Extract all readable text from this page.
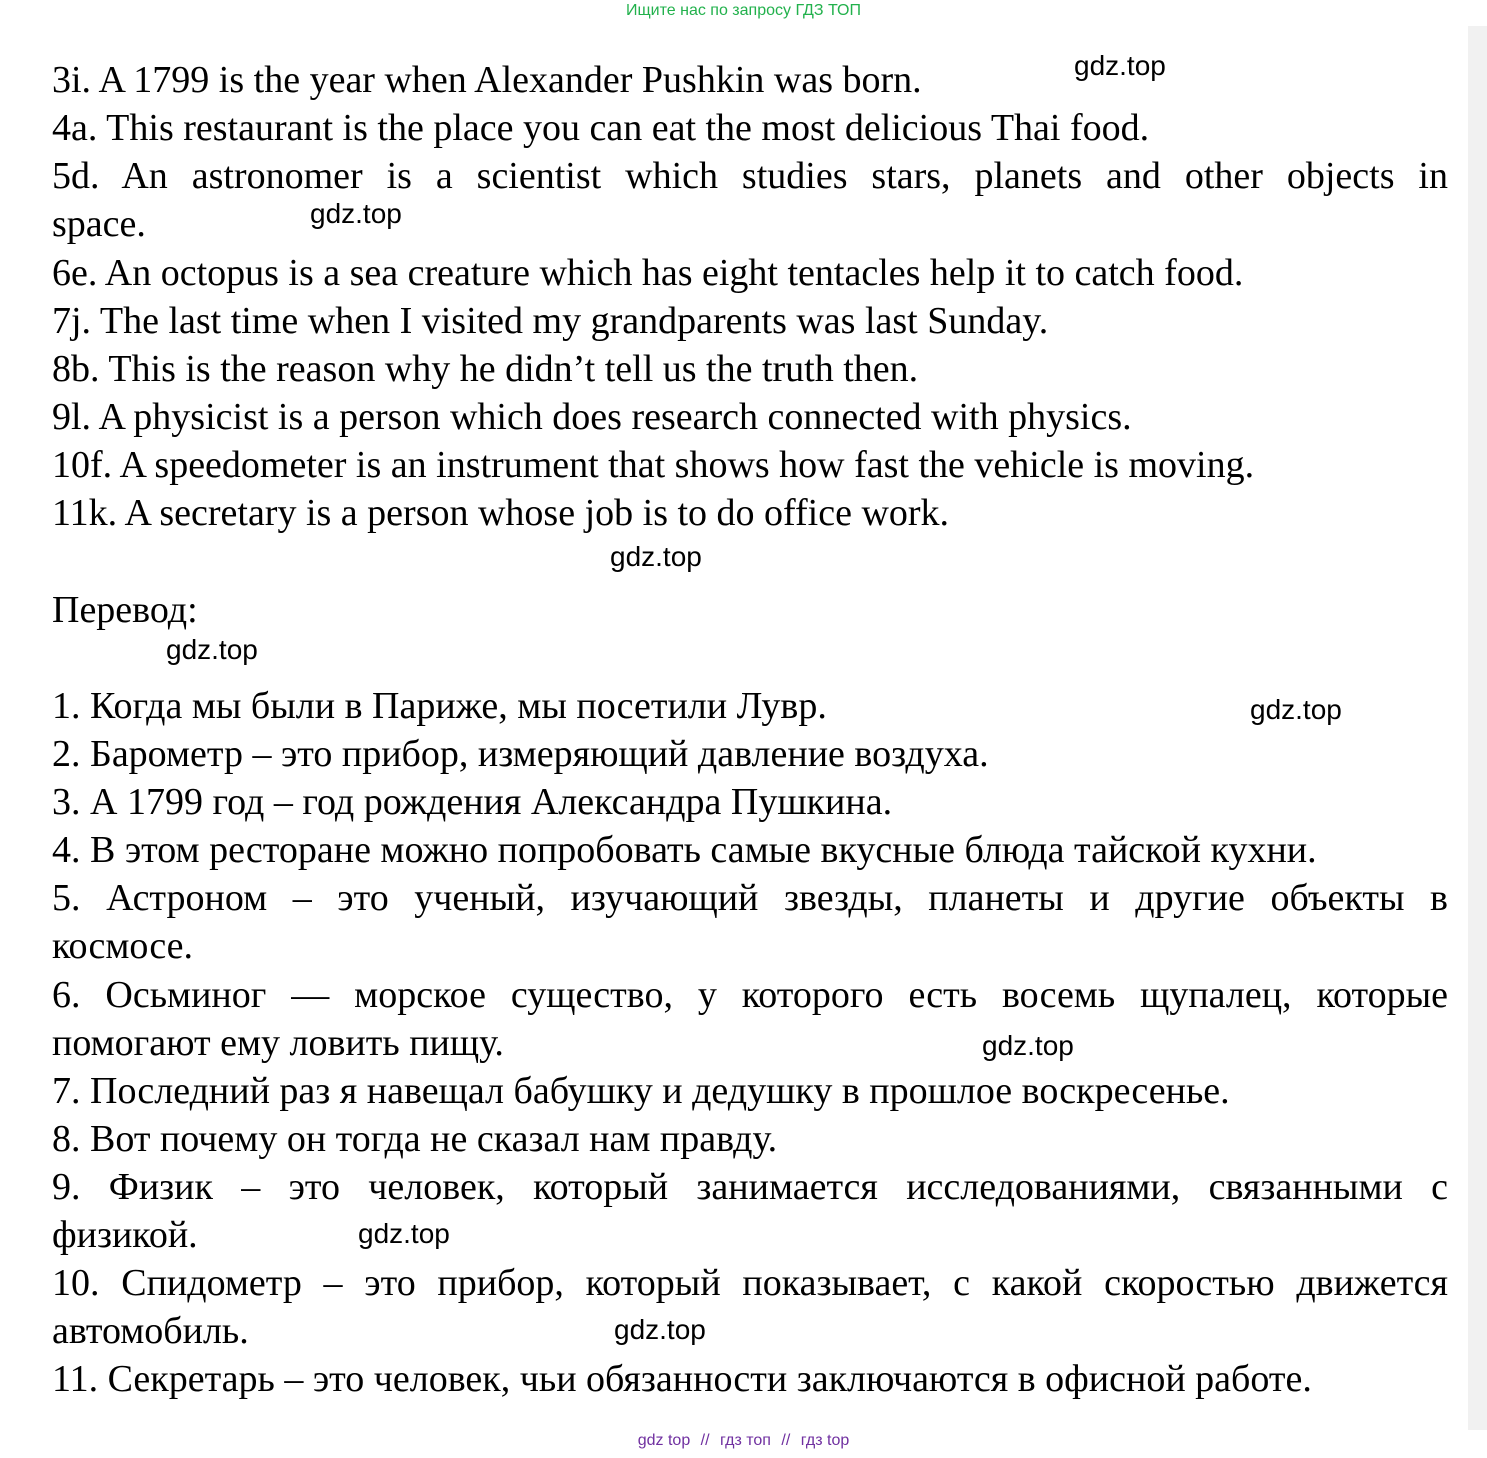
Ищите нас по запросу ГДЗ ТОП
3i. A 1799 is the year when Alexander Pushkin was born.
4a. This restaurant is the place you can eat the most delicious Thai food.
5d. An astronomer is a scientist which studies stars, planets and other objects in
space.
6e. An octopus is a sea creature which has eight tentacles help it to catch food.
7j. The last time when I visited my grandparents was last Sunday.
8b. This is the reason why he didn’t tell us the truth then.
9l. A physicist is a person which does research connected with physics.
10f. A speedometer is an instrument that shows how fast the vehicle is moving.
11k. A secretary is a person whose job is to do office work.
Перевод:
1. Когда мы были в Париже, мы посетили Лувр.
2. Барометр – это прибор, измеряющий давление воздуха.
3. А 1799 год – год рождения Александра Пушкина.
4. В этом ресторане можно попробовать самые вкусные блюда тайской кухни.
5. Астроном – это ученый, изучающий звезды, планеты и другие объекты в
космосе.
6. Осьминог — морское существо, у которого есть восемь щупалец, которые
помогают ему ловить пищу.
7. Последний раз я навещал бабушку и дедушку в прошлое воскресенье.
8. Вот почему он тогда не сказал нам правду.
9. Физик – это человек, который занимается исследованиями, связанными с
физикой.
10. Спидометр – это прибор, который показывает, с какой скоростью движется
автомобиль.
11. Секретарь – это человек, чьи обязанности заключаются в офисной работе.
gdz.top
gdz.top
gdz.top
gdz.top
gdz.top
gdz.top
gdz.top
gdz.top
gdz top // гдз топ // гдз top
